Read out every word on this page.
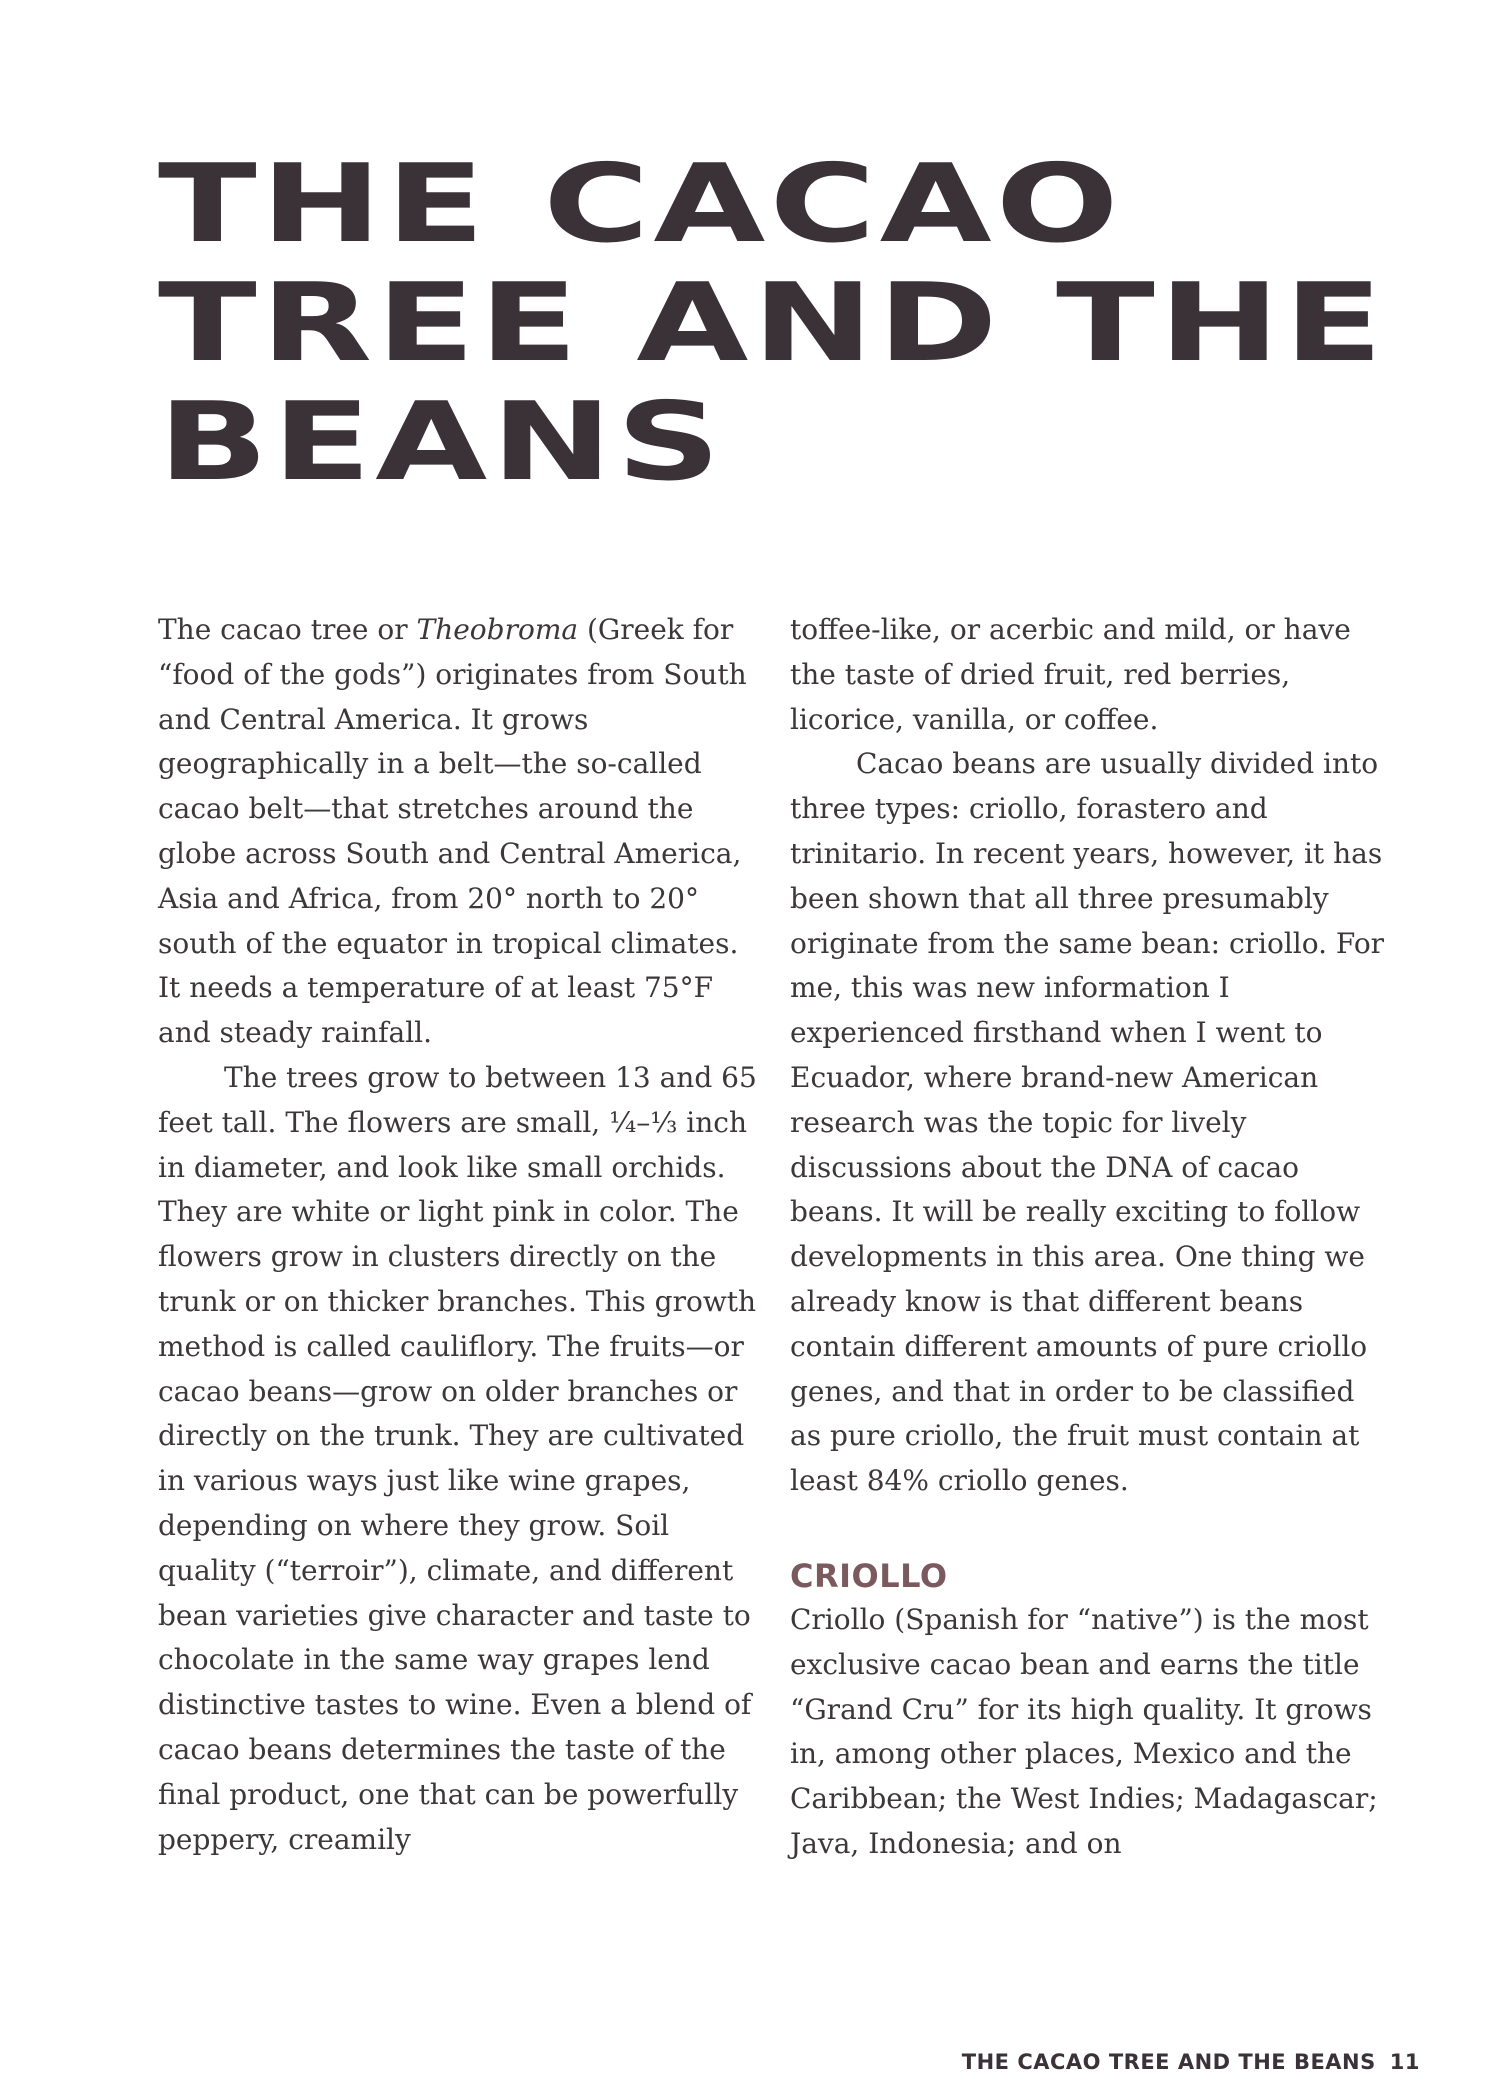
THE CACAO
TREE AND THE
BEANS

The cacao tree or Theobroma (Greek for “food of the gods”) originates from South and Central America. It grows geographically in a belt—the so-called cacao belt—that stretches around the globe across South and Central America, Asia and Africa, from 20° north to 20° south of the equator in tropical climates. It needs a temperature of at least 75°F and steady rainfall.

The trees grow to between 13 and 65 feet tall. The flowers are small, ¼–⅓ inch in diameter, and look like small orchids. They are white or light pink in color. The flowers grow in clusters directly on the trunk or on thicker branches. This growth method is called cauliflory. The fruits—or cacao beans—grow on older branches or directly on the trunk. They are cultivated in various ways just like wine grapes, depending on where they grow. Soil quality (“terroir”), climate, and different bean varieties give character and taste to chocolate in the same way grapes lend distinctive tastes to wine. Even a blend of cacao beans determines the taste of the final product, one that can be powerfully peppery, creamily

toffee-like, or acerbic and mild, or have the taste of dried fruit, red berries, licorice, vanilla, or coffee.

Cacao beans are usually divided into three types: criollo, forastero and trinitario. In recent years, however, it has been shown that all three presumably originate from the same bean: criollo. For me, this was new information I experienced firsthand when I went to Ecuador, where brand-new American research was the topic for lively discussions about the DNA of cacao beans. It will be really exciting to follow developments in this area. One thing we already know is that different beans contain different amounts of pure criollo genes, and that in order to be classified as pure criollo, the fruit must contain at least 84% criollo genes.

CRIOLLO

Criollo (Spanish for “native”) is the most exclusive cacao bean and earns the title “Grand Cru” for its high quality. It grows in, among other places, Mexico and the Caribbean; the West Indies; Madagascar; Java, Indonesia; and on

THE CACAO TREE AND THE BEANS 11
